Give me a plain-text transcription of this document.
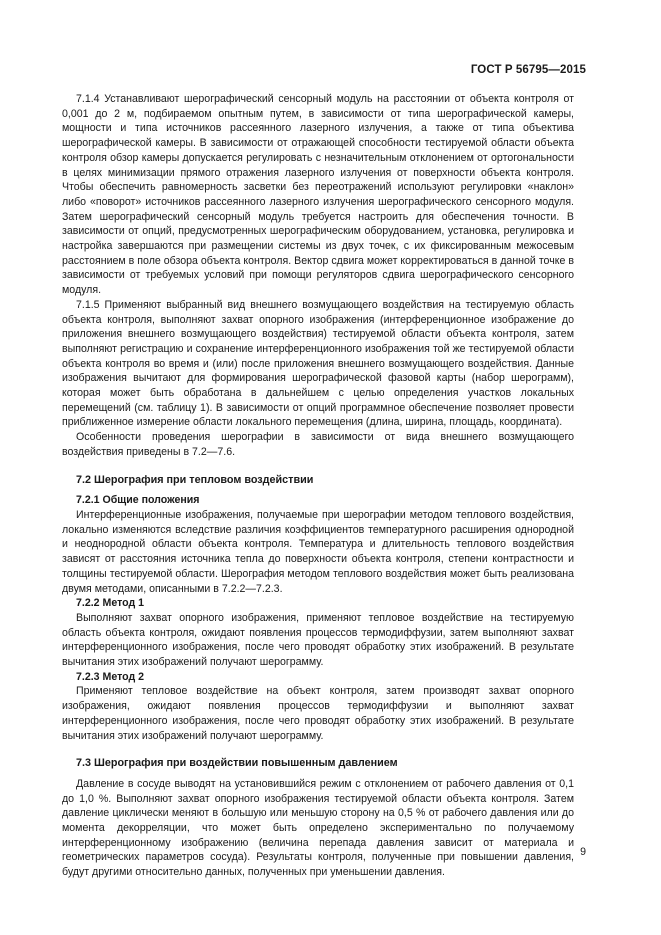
ГОСТ Р 56795—2015

7.1.4 Устанавливают шерографический сенсорный модуль на расстоянии от объекта контроля от 0,001 до 2 м, подбираемом опытным путем, в зависимости от типа шерографической камеры, мощности и типа источников рассеянного лазерного излучения, а также от типа объектива шерографической камеры. В зависимости от отражающей способности тестируемой области объекта контроля обзор камеры допускается регулировать с незначительным отклонением от ортогональности в целях минимизации прямого отражения лазерного излучения от поверхности объекта контроля. Чтобы обеспечить равномерность засветки без переотражений используют регулировки «наклон» либо «поворот» источников рассеянного лазерного излучения шерографического сенсорного модуля. Затем шерографический сенсорный модуль требуется настроить для обеспечения точности. В зависимости от опций, предусмотренных шерографическим оборудованием, установка, регулировка и настройка завершаются при размещении системы из двух точек, с их фиксированным межосевым расстоянием в поле обзора объекта контроля. Вектор сдвига может корректироваться в данной точке в зависимости от требуемых условий при помощи регуляторов сдвига шерографического сенсорного модуля.

7.1.5 Применяют выбранный вид внешнего возмущающего воздействия на тестируемую область объекта контроля, выполняют захват опорного изображения (интерференционное изображение до приложения внешнего возмущающего воздействия) тестируемой области объекта контроля, затем выполняют регистрацию и сохранение интерференционного изображения той же тестируемой области объекта контроля во время и (или) после приложения внешнего возмущающего воздействия. Данные изображения вычитают для формирования шерографической фазовой карты (набор шерограмм), которая может быть обработана в дальнейшем с целью определения участков локальных перемещений (см. таблицу 1). В зависимости от опций программное обеспечение позволяет провести приближенное измерение области локального перемещения (длина, ширина, площадь, координата).

Особенности проведения шерографии в зависимости от вида внешнего возмущающего воздействия приведены в 7.2—7.6.

7.2 Шерография при тепловом воздействии
7.2.1 Общие положения

Интерференционные изображения, получаемые при шерографии методом теплового воздействия, локально изменяются вследствие различия коэффициентов температурного расширения однородной и неоднородной области объекта контроля. Температура и длительность теплового воздействия зависят от расстояния источника тепла до поверхности объекта контроля, степени контрастности и толщины тестируемой области. Шерография методом теплового воздействия может быть реализована двумя методами, описанными в 7.2.2—7.2.3.

7.2.2 Метод 1

Выполняют захват опорного изображения, применяют тепловое воздействие на тестируемую область объекта контроля, ожидают появления процессов термодиффузии, затем выполняют захват интерференционного изображения, после чего проводят обработку этих изображений. В результате вычитания этих изображений получают шерограмму.

7.2.3 Метод 2

Применяют тепловое воздействие на объект контроля, затем производят захват опорного изображения, ожидают появления процессов термодиффузии и выполняют захват интерференционного изображения, после чего проводят обработку этих изображений. В результате вычитания этих изображений получают шерограмму.

7.3 Шерография при воздействии повышенным давлением

Давление в сосуде выводят на установившийся режим с отклонением от рабочего давления от 0,1 до 1,0 %. Выполняют захват опорного изображения тестируемой области объекта контроля. Затем давление циклически меняют в большую или меньшую сторону на 0,5 % от рабочего давления или до момента декорреляции, что может быть определено экспериментально по получаемому интерференционному изображению (величина перепада давления зависит от материала и геометрических параметров сосуда). Результаты контроля, полученные при повышении давления, будут другими относительно данных, полученных при уменьшении давления.

9
